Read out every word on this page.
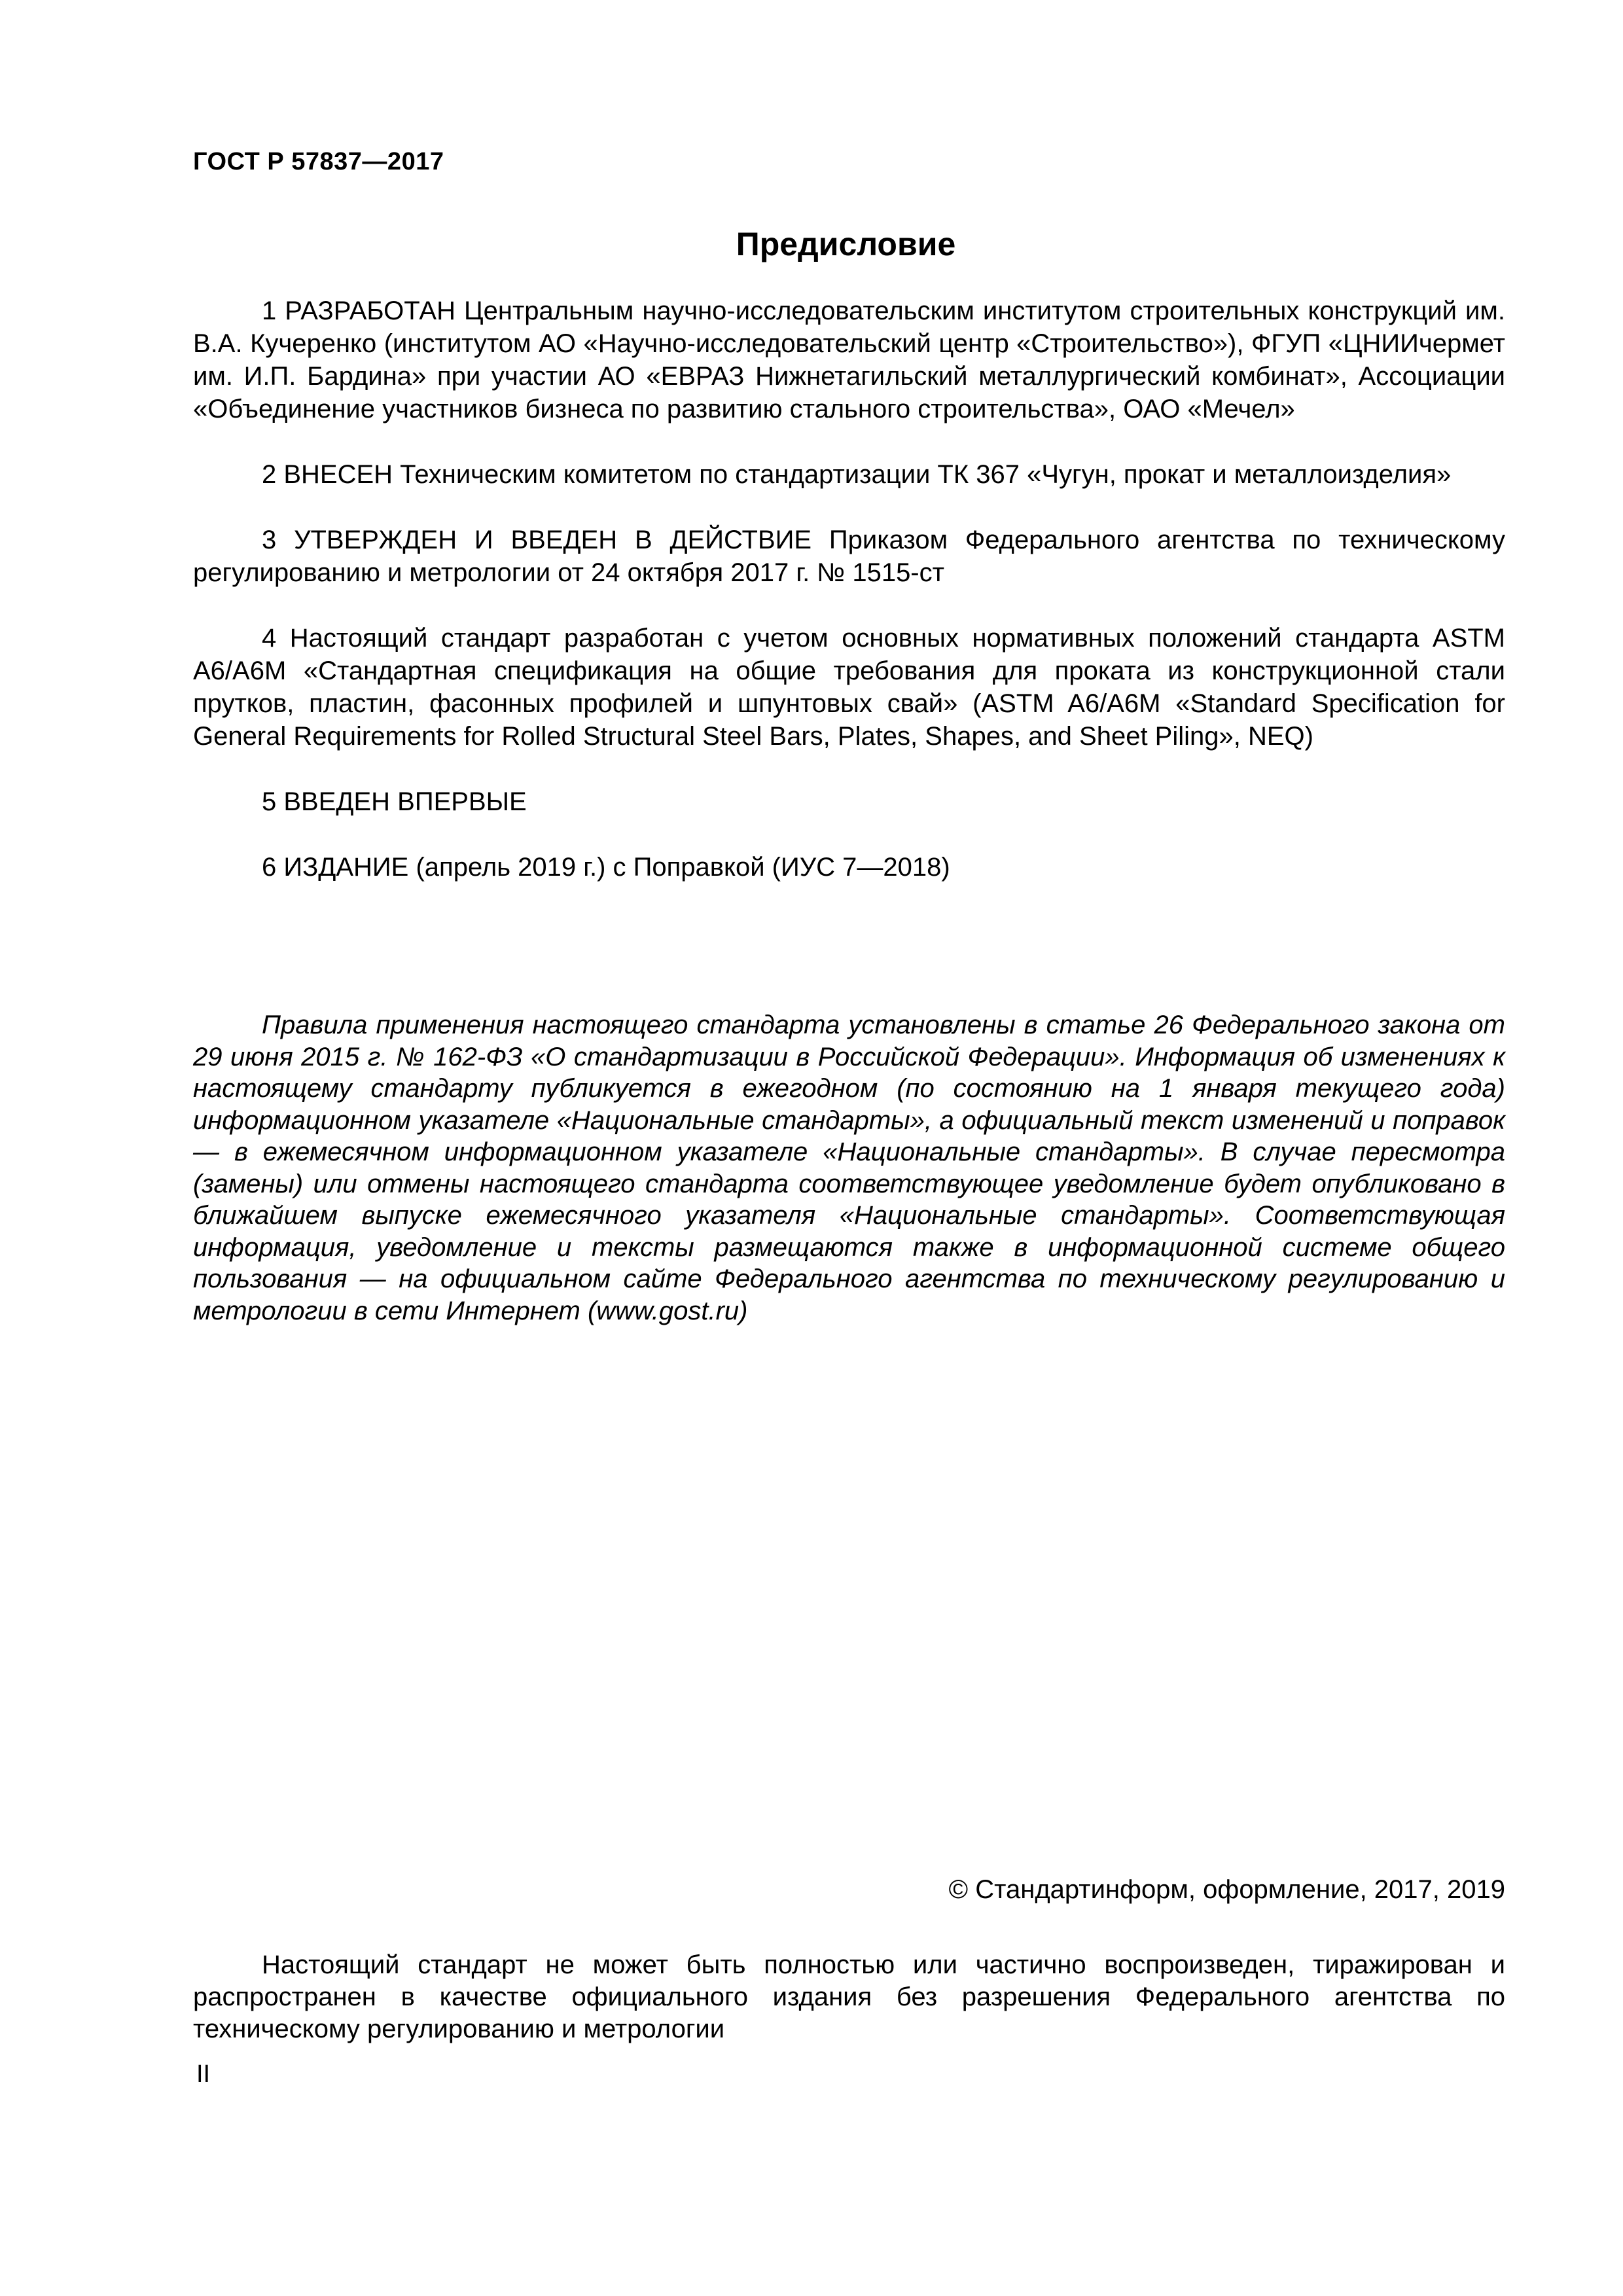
ГОСТ Р 57837—2017
Предисловие

1 РАЗРАБОТАН Центральным научно-исследовательским институтом строительных конструкций им. В.А. Кучеренко (институтом АО «Научно-исследовательский центр «Строительство»), ФГУП «ЦНИИчермет им. И.П. Бардина» при участии АО «ЕВРАЗ Нижнетагильский металлургический комбинат», Ассоциации «Объединение участников бизнеса по развитию стального строительства», ОАО «Мечел»

2 ВНЕСЕН Техническим комитетом по стандартизации ТК 367 «Чугун, прокат и металлоизделия»

3 УТВЕРЖДЕН И ВВЕДЕН В ДЕЙСТВИЕ Приказом Федерального агентства по техническому регулированию и метрологии от 24 октября 2017 г. № 1515-ст

4 Настоящий стандарт разработан с учетом основных нормативных положений стандарта ASTM A6/A6M «Стандартная спецификация на общие требования для проката из конструкционной стали прутков, пластин, фасонных профилей и шпунтовых свай» (ASTM A6/A6M «Standard Specification for General Requirements for Rolled Structural Steel Bars, Plates, Shapes, and Sheet Piling», NEQ)

5 ВВЕДЕН ВПЕРВЫЕ

6 ИЗДАНИЕ (апрель 2019 г.) с Поправкой (ИУС 7—2018)

Правила применения настоящего стандарта установлены в статье 26 Федерального закона от 29 июня 2015 г. № 162-ФЗ «О стандартизации в Российской Федерации». Информация об изменениях к настоящему стандарту публикуется в ежегодном (по состоянию на 1 января текущего года) информационном указателе «Национальные стандарты», а официальный текст изменений и поправок — в ежемесячном информационном указателе «Национальные стандарты». В случае пересмотра (замены) или отмены настоящего стандарта соответствующее уведомление будет опубликовано в ближайшем выпуске ежемесячного указателя «Национальные стандарты». Соответствующая информация, уведомление и тексты размещаются также в информационной системе общего пользования — на официальном сайте Федерального агентства по техническому регулированию и метрологии в сети Интернет (www.gost.ru)

© Стандартинформ, оформление, 2017, 2019

Настоящий стандарт не может быть полностью или частично воспроизведен, тиражирован и распространен в качестве официального издания без разрешения Федерального агентства по техническому регулированию и метрологии

II
